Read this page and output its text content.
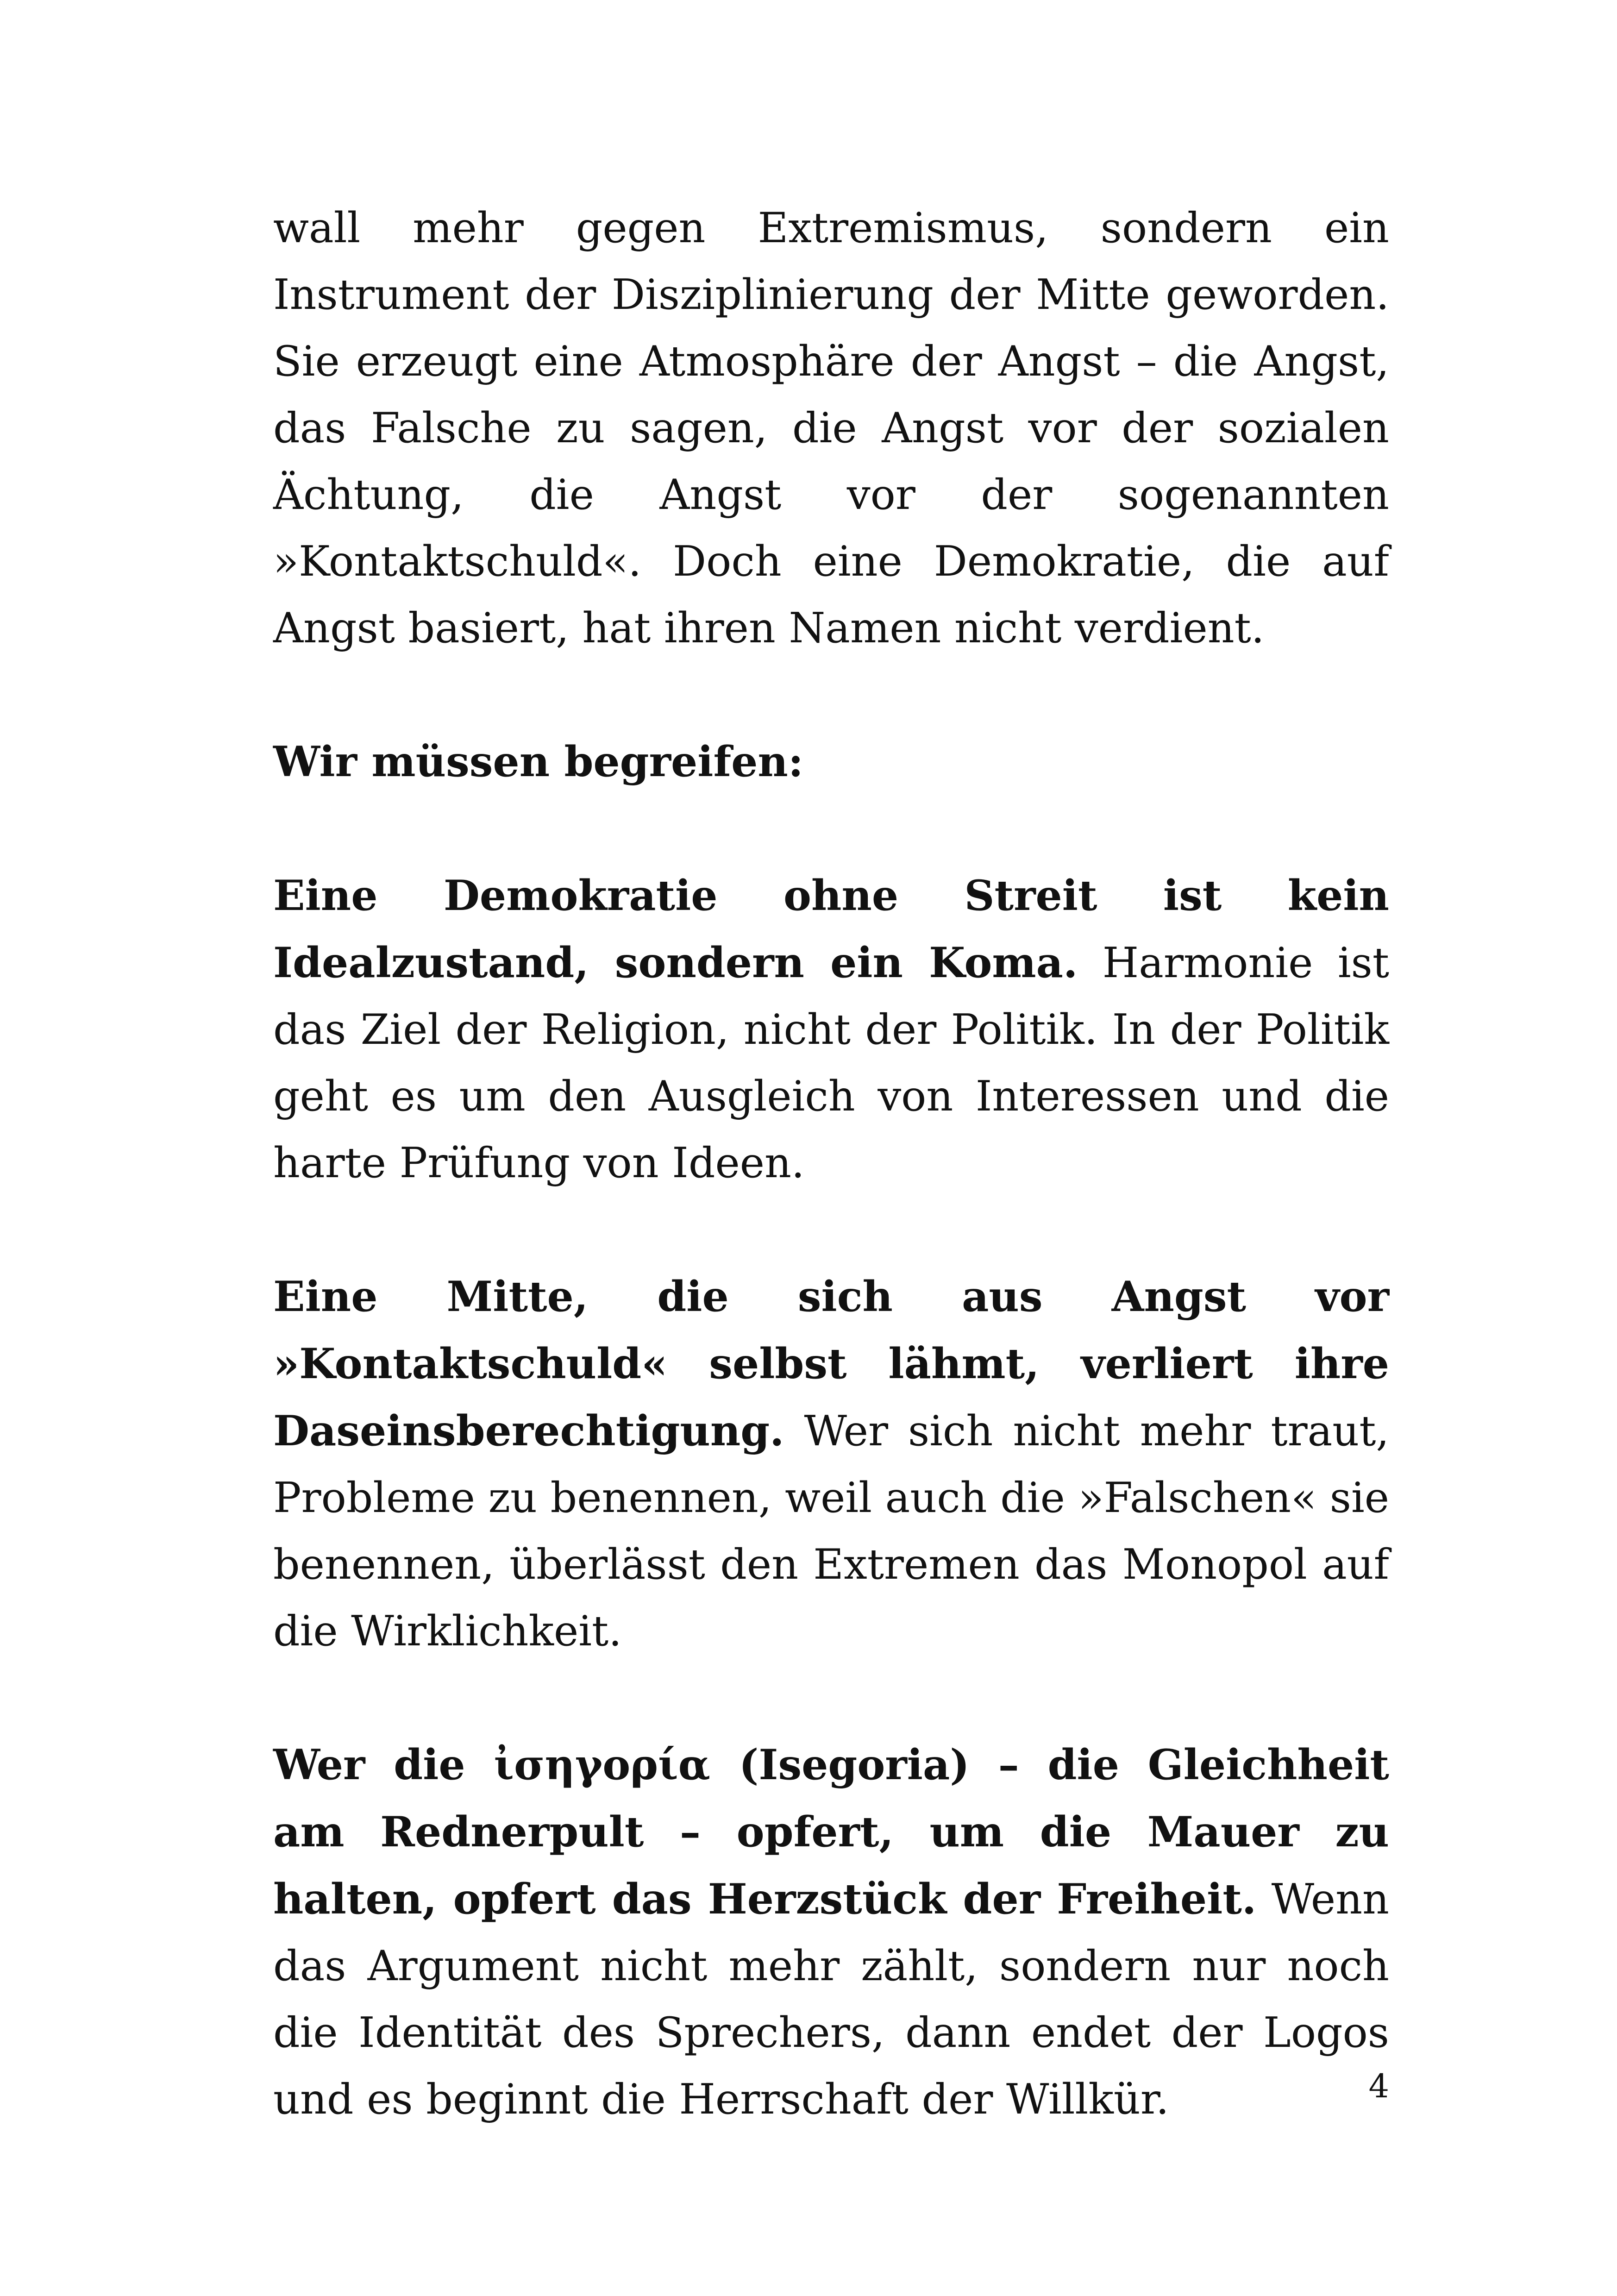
wall mehr gegen Extremismus, sondern ein Instrument der Disziplinierung der Mitte geworden. Sie erzeugt eine Atmosphäre der Angst – die Angst, das Falsche zu sagen, die Angst vor der sozialen Ächtung, die Angst vor der sogenannten »Kontaktschuld«. Doch eine Demokratie, die auf Angst basiert, hat ihren Namen nicht verdient.

Wir müssen begreifen:

Eine Demokratie ohne Streit ist kein Idealzustand, sondern ein Koma. Harmonie ist das Ziel der Religion, nicht der Politik. In der Politik geht es um den Ausgleich von Interessen und die harte Prüfung von Ideen.

Eine Mitte, die sich aus Angst vor »Kontaktschuld« selbst lähmt, verliert ihre Daseinsberechtigung. Wer sich nicht mehr traut, Probleme zu benennen, weil auch die »Falschen« sie benennen, überlässt den Extremen das Monopol auf die Wirklichkeit.

Wer die ἰσηγορία (Isegoria) – die Gleichheit am Rednerpult – opfert, um die Mauer zu halten, opfert das Herzstück der Freiheit. Wenn das Argument nicht mehr zählt, sondern nur noch die Identität des Sprechers, dann endet der Logos und es beginnt die Herrschaft der Willkür.	4
